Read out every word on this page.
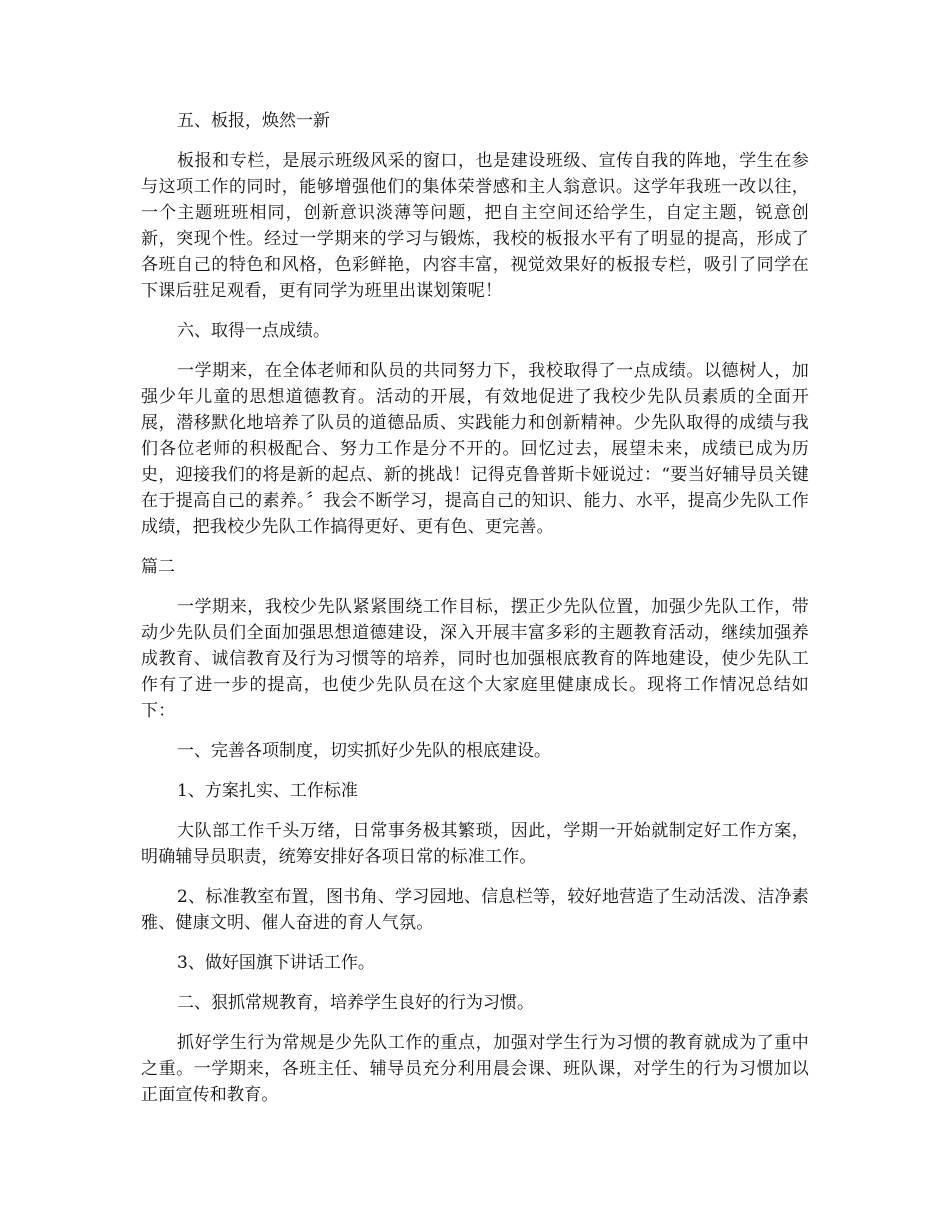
五、板报，焕然一新

板报和专栏，是展示班级风采的窗口，也是建设班级、宣传自我的阵地，学生在参与这项工作的同时，能够增强他们的集体荣誉感和主人翁意识。这学年我班一改以往，一个主题班班相同，创新意识淡薄等问题，把自主空间还给学生，自定主题，锐意创新，突现个性。经过一学期来的学习与锻炼，我校的板报水平有了明显的提高，形成了各班自己的特色和风格，色彩鲜艳，内容丰富，视觉效果好的板报专栏，吸引了同学在下课后驻足观看，更有同学为班里出谋划策呢！

六、取得一点成绩。

一学期来，在全体老师和队员的共同努力下，我校取得了一点成绩。以德树人，加强少年儿童的思想道德教育。活动的开展，有效地促进了我校少先队员素质的全面开展，潜移默化地培养了队员的道德品质、实践能力和创新精神。少先队取得的成绩与我们各位老师的积极配合、努力工作是分不开的。回忆过去，展望未来，成绩已成为历史，迎接我们的将是新的起点、新的挑战！记得克鲁普斯卡娅说过：“要当好辅导员关键在于提高自己的素养。〞我会不断学习，提高自己的知识、能力、水平，提高少先队工作成绩，把我校少先队工作搞得更好、更有色、更完善。

篇二

一学期来，我校少先队紧紧围绕工作目标，摆正少先队位置，加强少先队工作，带动少先队员们全面加强思想道德建设，深入开展丰富多彩的主题教育活动，继续加强养成教育、诚信教育及行为习惯等的培养，同时也加强根底教育的阵地建设，使少先队工作有了进一步的提高，也使少先队员在这个大家庭里健康成长。现将工作情况总结如下：

一、完善各项制度，切实抓好少先队的根底建设。

1、方案扎实、工作标准

大队部工作千头万绪，日常事务极其繁琐，因此，学期一开始就制定好工作方案，明确辅导员职责，统筹安排好各项日常的标准工作。

2、标准教室布置，图书角、学习园地、信息栏等，较好地营造了生动活泼、洁净素雅、健康文明、催人奋进的育人气氛。

3、做好国旗下讲话工作。

二、狠抓常规教育，培养学生良好的行为习惯。

抓好学生行为常规是少先队工作的重点，加强对学生行为习惯的教育就成为了重中之重。一学期来，各班主任、辅导员充分利用晨会课、班队课，对学生的行为习惯加以正面宣传和教育。
